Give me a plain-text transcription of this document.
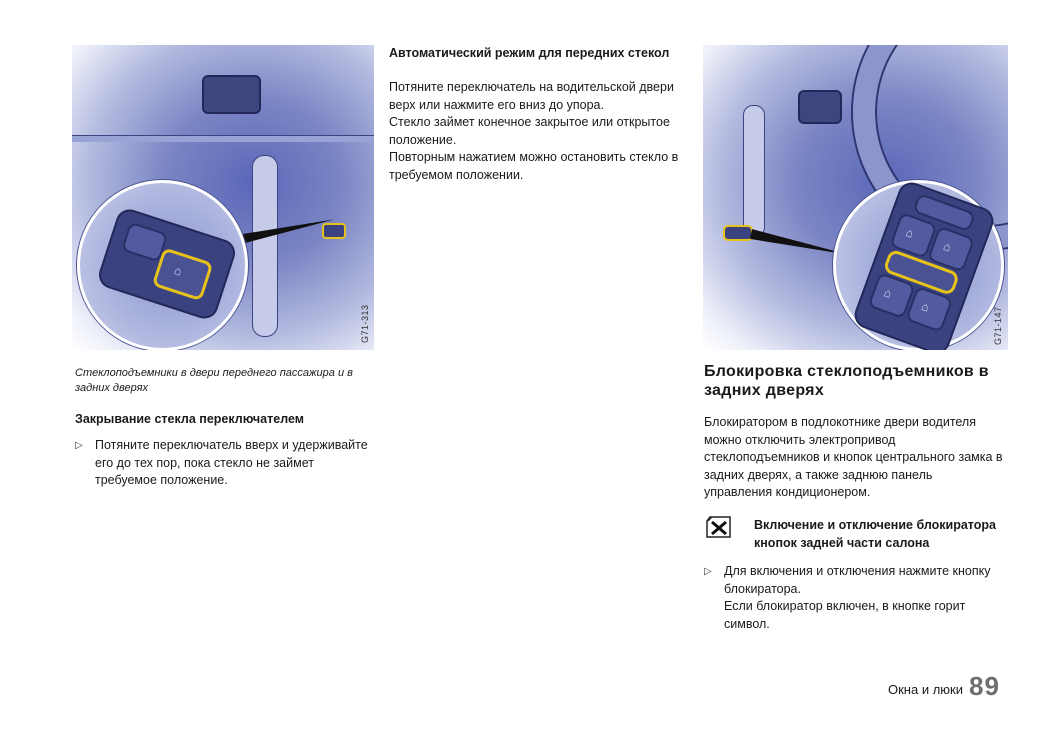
⌂
G71-313
Стеклоподъемники в двери переднего пассажира и в задних дверях
Закрывание стекла переключателем
▷ Потяните переключатель вверх и удерживайте его до тех пор, пока стекло не займет требуемое положение.
Автоматический режим для передних стекол
Потяните переключатель на водительской двери верх или нажмите его вниз до упора.
Стекло займет конечное закрытое или открытое положение.
Повторным нажатием можно остановить стекло в требуемом положении.
⌂
⌂
⌂
⌂	G71-147
Блокировка стеклоподъемников в задних дверях
Блокиратором в подлокотнике двери водителя можно отключить электропривод стеклоподъемников и кнопок центрального замка в задних дверях, а также заднюю панель управления кондиционером.
Включение и отключение блокиратора кнопок задней части салона
▷ Для включения и отключения нажмите кнопку блокиратора.
Если блокиратор включен, в кнопке горит символ.
Окна и люки 89
